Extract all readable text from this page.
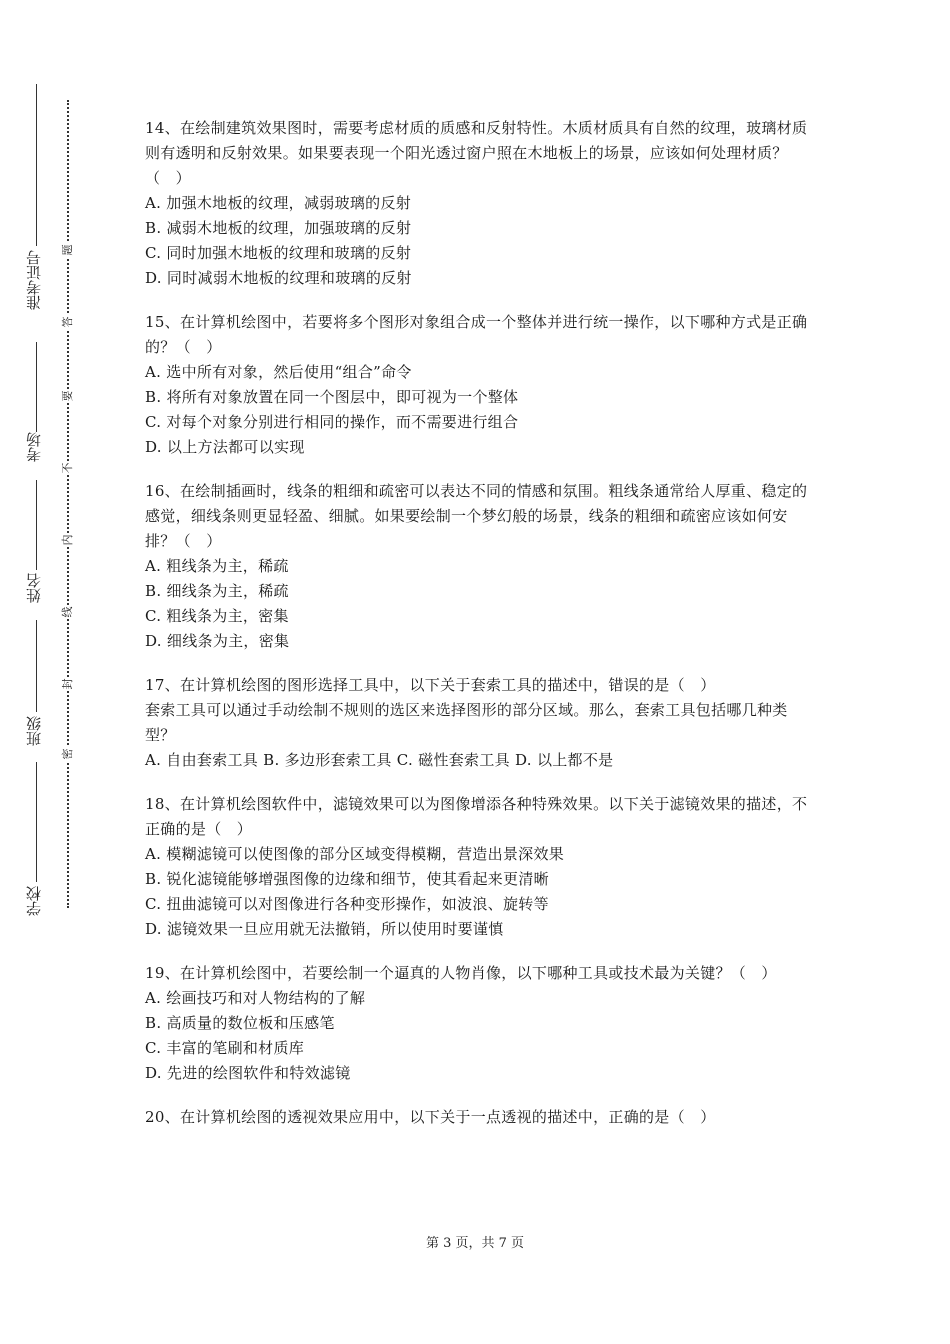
准考证号
考场
姓名
班级
学校
题
答
要
不
内
线
封
密
14、在绘制建筑效果图时，需要考虑材质的质感和反射特性。木质材质具有自然的纹理，玻璃材质则有透明和反射效果。如果要表现一个阳光透过窗户照在木地板上的场景，应该如何处理材质？（　）
A. 加强木地板的纹理，减弱玻璃的反射
B. 减弱木地板的纹理，加强玻璃的反射
C. 同时加强木地板的纹理和玻璃的反射
D. 同时减弱木地板的纹理和玻璃的反射
15、在计算机绘图中，若要将多个图形对象组合成一个整体并进行统一操作，以下哪种方式是正确的？（　）
A. 选中所有对象，然后使用“组合”命令
B. 将所有对象放置在同一个图层中，即可视为一个整体
C. 对每个对象分别进行相同的操作，而不需要进行组合
D. 以上方法都可以实现
16、在绘制插画时，线条的粗细和疏密可以表达不同的情感和氛围。粗线条通常给人厚重、稳定的感觉，细线条则更显轻盈、细腻。如果要绘制一个梦幻般的场景，线条的粗细和疏密应该如何安排？（　）
A. 粗线条为主，稀疏
B. 细线条为主，稀疏
C. 粗线条为主，密集
D. 细线条为主，密集
17、在计算机绘图的图形选择工具中，以下关于套索工具的描述中，错误的是（　）
套索工具可以通过手动绘制不规则的选区来选择图形的部分区域。那么，套索工具包括哪几种类型？
A. 自由套索工具 B. 多边形套索工具 C. 磁性套索工具 D. 以上都不是
18、在计算机绘图软件中，滤镜效果可以为图像增添各种特殊效果。以下关于滤镜效果的描述，不正确的是（　）
A. 模糊滤镜可以使图像的部分区域变得模糊，营造出景深效果
B. 锐化滤镜能够增强图像的边缘和细节，使其看起来更清晰
C. 扭曲滤镜可以对图像进行各种变形操作，如波浪、旋转等
D. 滤镜效果一旦应用就无法撤销，所以使用时要谨慎
19、在计算机绘图中，若要绘制一个逼真的人物肖像，以下哪种工具或技术最为关键？（　）
A. 绘画技巧和对人物结构的了解
B. 高质量的数位板和压感笔
C. 丰富的笔刷和材质库
D. 先进的绘图软件和特效滤镜
20、在计算机绘图的透视效果应用中，以下关于一点透视的描述中，正确的是（　）
第 3 页，共 7 页
